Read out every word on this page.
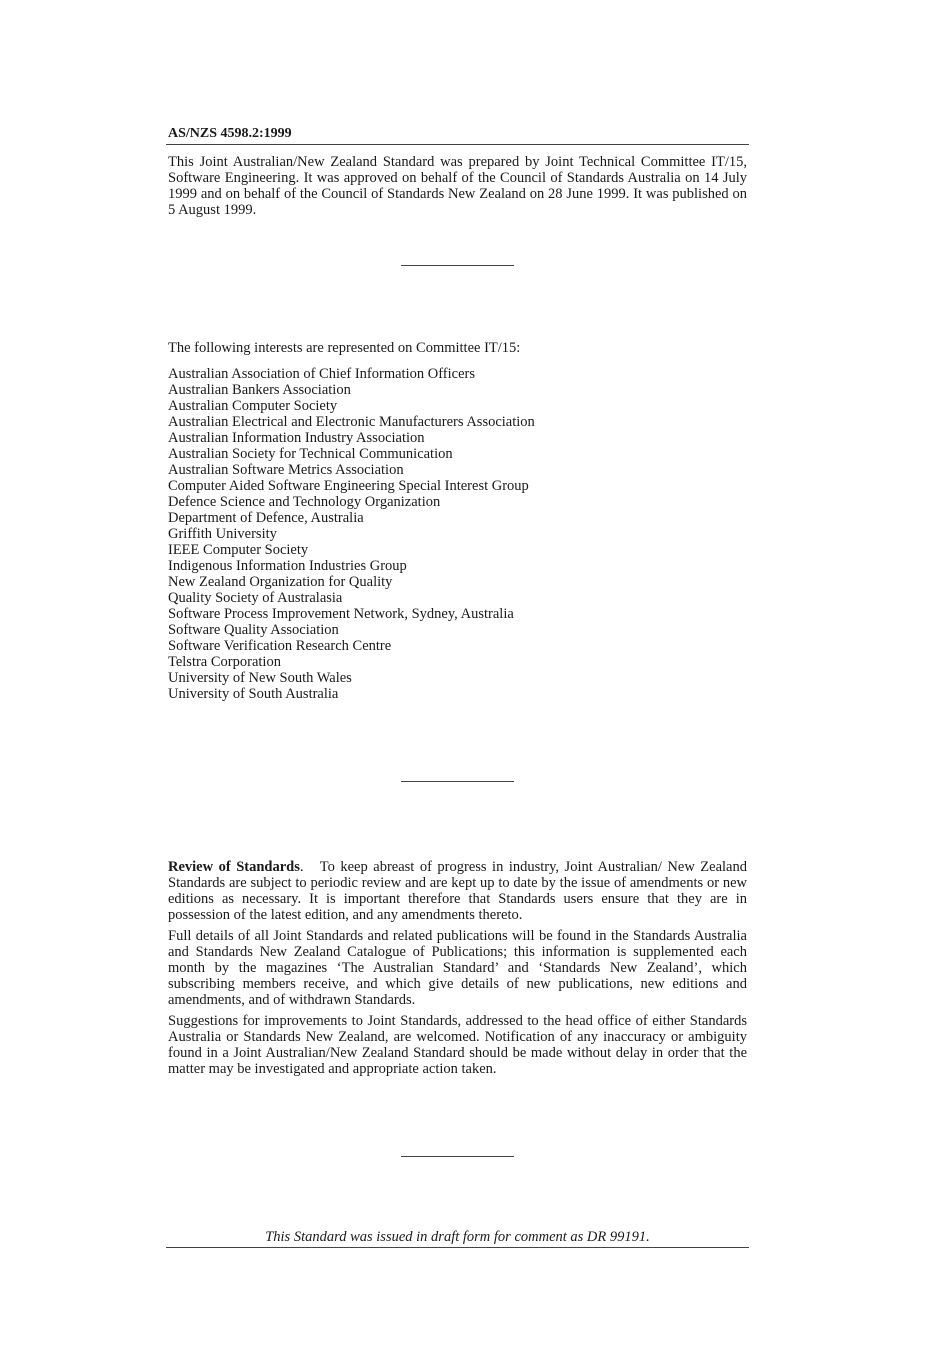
AS/NZS 4598.2:1999

This Joint Australian/New Zealand Standard was prepared by Joint Technical Committee IT/15, Software Engineering. It was approved on behalf of the Council of Standards Australia on 14 July 1999 and on behalf of the Council of Standards New Zealand on 28 June 1999. It was published on 5 August 1999.

The following interests are represented on Committee IT/15:

Australian Association of Chief Information Officers
Australian Bankers Association
Australian Computer Society
Australian Electrical and Electronic Manufacturers Association
Australian Information Industry Association
Australian Society for Technical Communication
Australian Software Metrics Association
Computer Aided Software Engineering Special Interest Group
Defence Science and Technology Organization
Department of Defence, Australia
Griffith University
IEEE Computer Society
Indigenous Information Industries Group
New Zealand Organization for Quality
Quality Society of Australasia
Software Process Improvement Network, Sydney, Australia
Software Quality Association
Software Verification Research Centre
Telstra Corporation
University of New South Wales
University of South Australia

Review of Standards. To keep abreast of progress in industry, Joint Australian/ New Zealand Standards are subject to periodic review and are kept up to date by the issue of amendments or new editions as necessary. It is important therefore that Standards users ensure that they are in possession of the latest edition, and any amendments thereto.

Full details of all Joint Standards and related publications will be found in the Standards Australia and Standards New Zealand Catalogue of Publications; this information is supplemented each month by the magazines ‘The Australian Standard’ and ‘Standards New Zealand’, which subscribing members receive, and which give details of new publications, new editions and amendments, and of withdrawn Standards.

Suggestions for improvements to Joint Standards, addressed to the head office of either Standards Australia or Standards New Zealand, are welcomed. Notification of any inaccuracy or ambiguity found in a Joint Australian/New Zealand Standard should be made without delay in order that the matter may be investigated and appropriate action taken.

This Standard was issued in draft form for comment as DR 99191.
